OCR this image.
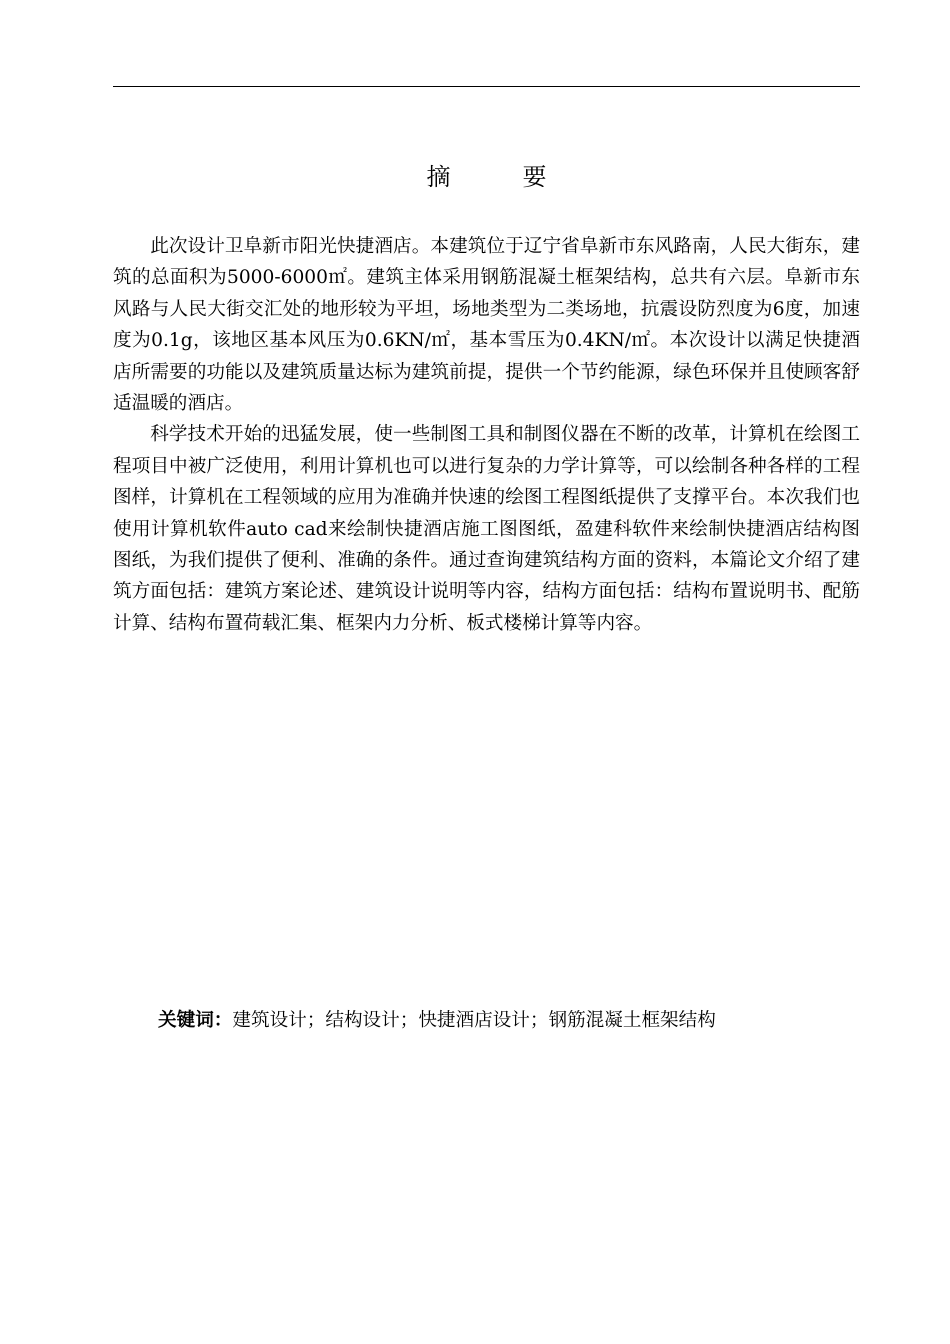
摘　要

此次设计卫阜新市阳光快捷酒店。本建筑位于辽宁省阜新市东风路南，人民大街东，建筑的总面积为5000-6000㎡。建筑主体采用钢筋混凝土框架结构，总共有六层。阜新市东风路与人民大街交汇处的地形较为平坦，场地类型为二类场地，抗震设防烈度为6度，加速度为0.1g，该地区基本风压为0.6KN/㎡，基本雪压为0.4KN/㎡。本次设计以满足快捷酒店所需要的功能以及建筑质量达标为建筑前提，提供一个节约能源，绿色环保并且使顾客舒适温暖的酒店。

科学技术开始的迅猛发展，使一些制图工具和制图仪器在不断的改革，计算机在绘图工程项目中被广泛使用，利用计算机也可以进行复杂的力学计算等，可以绘制各种各样的工程图样，计算机在工程领域的应用为准确并快速的绘图工程图纸提供了支撑平台。本次我们也使用计算机软件auto cad来绘制快捷酒店施工图图纸，盈建科软件来绘制快捷酒店结构图图纸，为我们提供了便利、准确的条件。通过查询建筑结构方面的资料，本篇论文介绍了建筑方面包括：建筑方案论述、建筑设计说明等内容，结构方面包括：结构布置说明书、配筋计算、结构布置荷载汇集、框架内力分析、板式楼梯计算等内容。

关键词：建筑设计；结构设计；快捷酒店设计；钢筋混凝土框架结构
